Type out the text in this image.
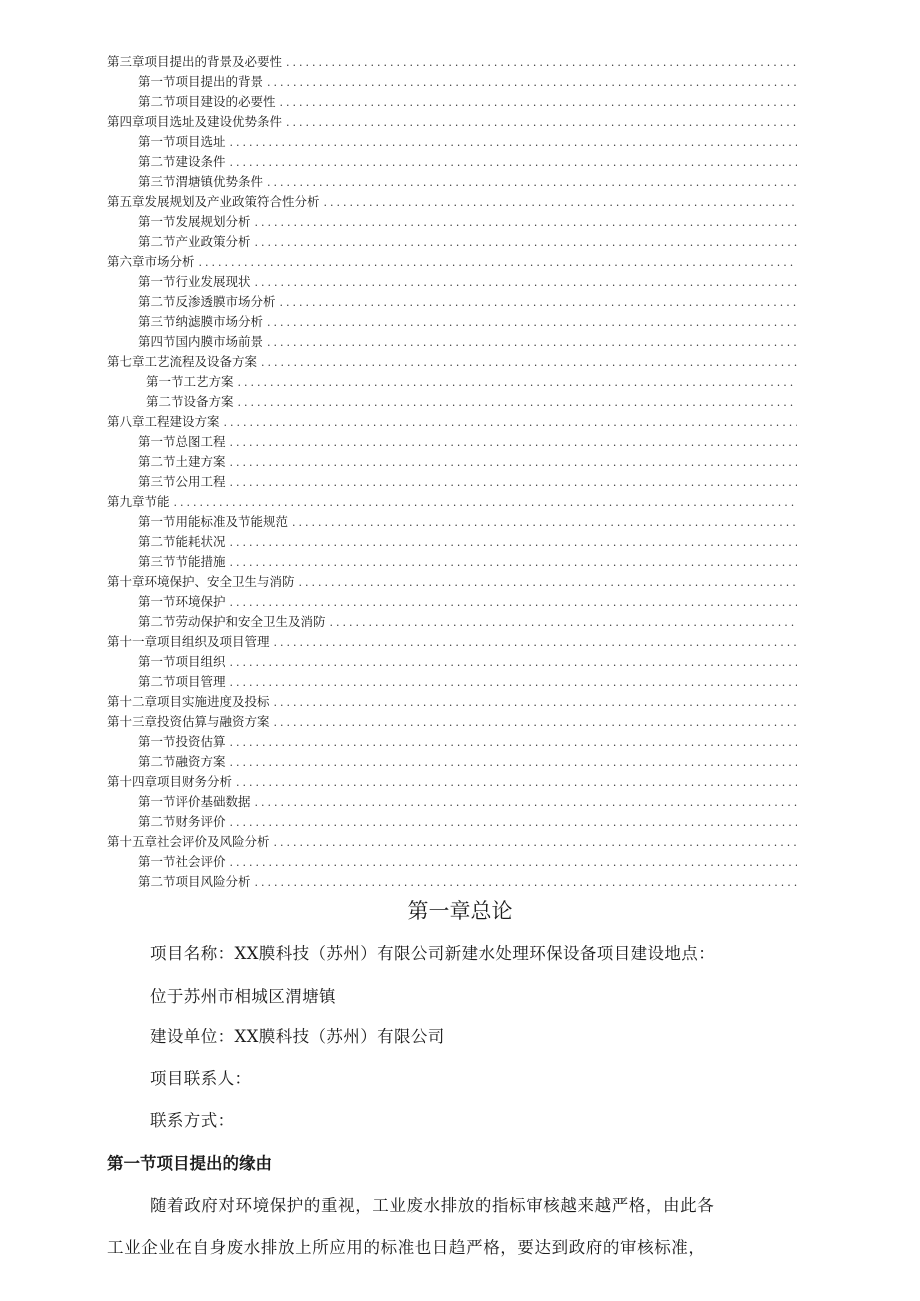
第三章项目提出的背景及必要性
.....
第一节项目提出的背景
.....
第二节项目建设的必要性
.....
第四章项目选址及建设优势条件
.....
第一节项目选址
.....
第二节建设条件
.....
第三节渭塘镇优势条件
.....
第五章发展规划及产业政策符合性分析
.....
第一节发展规划分析
.....
第二节产业政策分析
.....
第六章市场分析
.....
第一节行业发展现状
.....
第二节反渗透膜市场分析
.....
第三节纳滤膜市场分析
.....
第四节国内膜市场前景
.....
第七章工艺流程及设备方案
.....
第一节工艺方案
.....
第二节设备方案
.....
第八章工程建设方案
.....
第一节总图工程
.....
第二节土建方案
.....
第三节公用工程
.....
第九章节能
.....
第一节用能标准及节能规范
.....
第二节能耗状况
.....
第三节节能措施
.....
第十章环境保护、安全卫生与消防
.....
第一节环境保护
.....
第二节劳动保护和安全卫生及消防
.....
第十一章项目组织及项目管理
.....
第一节项目组织
.....
第二节项目管理
.....
第十二章项目实施进度及投标
.....
第十三章投资估算与融资方案
.....
第一节投资估算
.....
第二节融资方案
.....
第十四章项目财务分析
.....
第一节评价基础数据
.....
第二节财务评价
.....
第十五章社会评价及风险分析
.....
第一节社会评价
.....
第二节项目风险分析
.....
第一章总论
项目名称：XX膜科技（苏州）有限公司新建水处理环保设备项目建设地点：
位于苏州市相城区渭塘镇
建设单位：XX膜科技（苏州）有限公司
项目联系人：
联系方式：
第一节项目提出的缘由
随着政府对环境保护的重视，工业废水排放的指标审核越来越严格，由此各
工业企业在自身废水排放上所应用的标准也日趋严格，要达到政府的审核标准，
